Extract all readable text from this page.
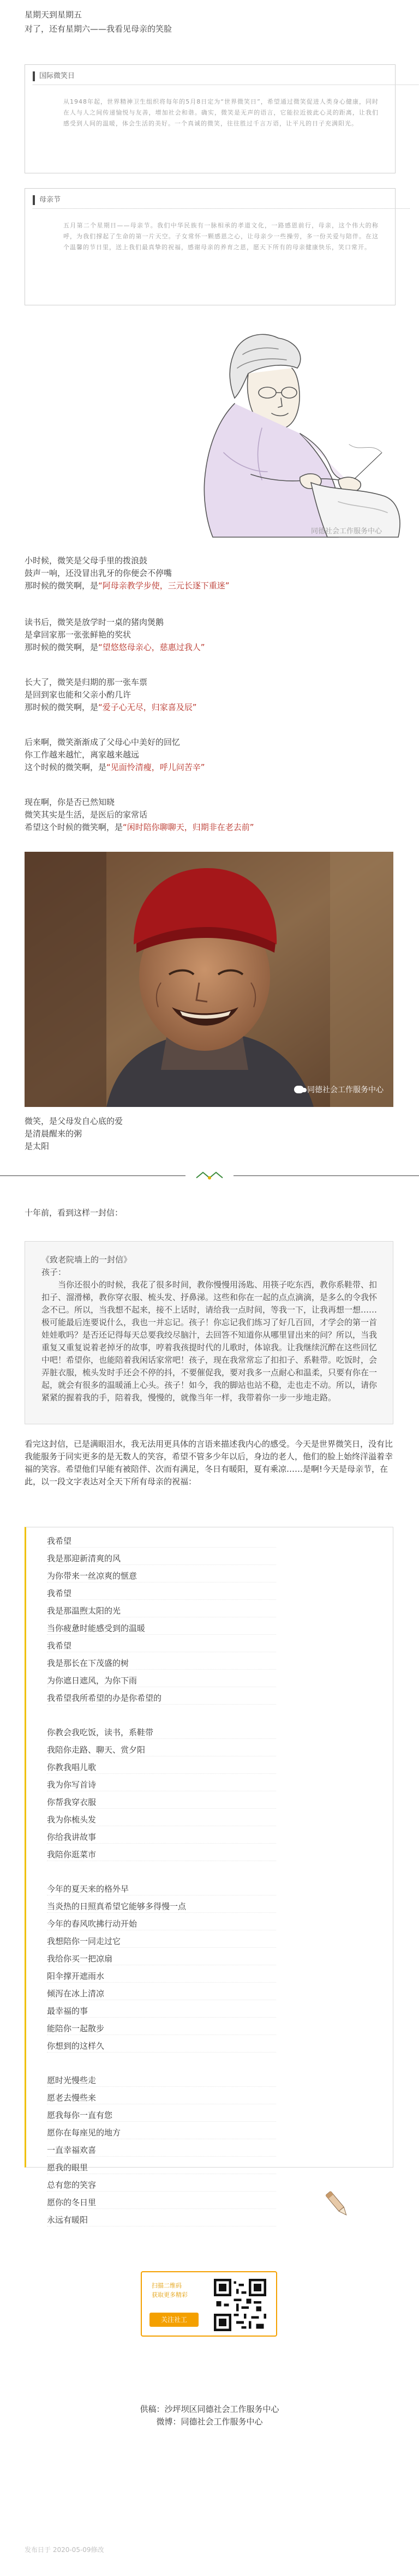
星期天到星期五
对了，还有星期六——我看见母亲的笑脸
国际微笑日
从1948年起，世界精神卫生组织将每年的5月8日定为“世界微笑日”，希望通过微笑促进人类身心健康，同时在人与人之间传递愉悦与友善，增加社会和谐。确实，微笑是无声的语言，它能拉近彼此心灵的距离，让我们感受到人间的温暖，体会生活的美好。一个真诚的微笑，往往胜过千言万语，让平凡的日子充满阳光。
母亲节
五月第二个星期日——母亲节。我们中华民族有一脉相承的孝道文化，一路感恩前行，母亲，这个伟大的称呼，为我们撑起了生命的第一片天空。子女常怀一颗感恩之心，让母亲少一些操劳，多一份关爱与陪伴。在这个温馨的节日里，送上我们最真挚的祝福，感谢母亲的养育之恩，愿天下所有的母亲健康快乐，笑口常开。
同德社会工作服务中心
小时候，微笑是父母手里的拨浪鼓
鼓声一响，还没冒出乳牙的你便会不停嘴
那时候的微笑啊，是“阿母亲教学步使，三元长逐下重迷”
读书后，微笑是放学时一桌的猪肉煲鹅
是拿回家那一张张鲜艳的奖状
那时候的微笑啊，是“望悠悠母亲心，慈惠过我人”
长大了，微笑是归期的那一张车票
是回到家也能和父亲小酌几许
那时候的微笑啊，是“爱子心无尽，归家喜及辰”
后来啊，微笑渐渐成了父母心中美好的回忆
你工作越来越忙，离家越来越远
这个时候的微笑啊，是“见面怜清瘦，呼儿问苦辛”
现在啊，你是否已然知晓
微笑其实是生活，是医后的家常话
希望这个时候的微笑啊，是“闲时陪你聊聊天，归期非在老去前”
同德社会工作服务中心
微笑，是父母发自心底的爱
是清晨醒来的粥
是太阳
十年前，看到这样一封信：
《致老院墙上的一封信》
孩子：
当你还很小的时候，我花了很多时间，教你慢慢用汤匙、用筷子吃东西，教你系鞋带、扣扣子、溜滑梯，教你穿衣服、梳头发、抒鼻涕。这些和你在一起的点点滴滴，是多么的令我怀念不已。所以，当我想不起来，接不上话时，请给我一点时间，等我一下，让我再想一想……极可能最后连要说什么，我也一并忘记。孩子！你忘记我们练习了好几百回，才学会的第一首娃娃歌吗？是否还记得每天总要我绞尽脑汁，去回答不知道你从哪里冒出来的问？所以，当我重复又重复说着老掉牙的故事，哼着我孩提时代的儿歌时，体谅我。让我继续沉醉在这些回忆中吧！希望你，也能陪着我闲话家常吧！孩子，现在我常常忘了扣扣子、系鞋带。吃饭时，会弄脏衣服，梳头发时手还会不停的抖，不要催促我，要对我多一点耐心和温柔，只要有你在一起，就会有很多的温暖涌上心头。孩子！如今，我的脚站也站不稳，走也走不动。所以，请你紧紧的握着我的手，陪着我，慢慢的，就像当年一样，我带着你一步一步地走路。
看完这封信，已是满眼泪水，我无法用更具体的言语来描述我内心的感受。今天是世界微笑日，没有比我能服务于同实更多的是无数人的笑容，希望不管多少年以后，身边的老人，他们的脸上始终洋溢着幸福的笑容。希望他们早能有被陪伴、次而有满足，冬日有暖阳，夏有乘凉……是啊!今天是母亲节，在此，以一段文字表达对全天下所有母亲的祝福：
我希望
我是那迎新清爽的风
为你带来一丝凉爽的惬意
我希望
我是那温煦太阳的光
当你疲惫时能感受到的温暖
我希望
我是那长在下茂盛的树
为你遮日遮风，为你下雨
我希望我所希望的办是你希望的
你教会我吃饭，读书，系鞋带
我陪你走路、聊天、赏夕阳
你教我唱儿歌
我为你写首诗
你帮我穿衣服
我为你梳头发
你给我讲故事
我陪你逛菜市
今年的夏天来的格外早
当炎热的日照真希望它能够多得慢一点
今年的春风吹拂行动开始
我想陪你一同走过它
我给你买一把凉扇
阳伞撑开遮雨水
倾泻在冰上清凉
最幸福的事
能陪你一起散步
你想到的这样久
愿时光慢些走
愿老去慢些来
愿我每你一直有您
愿你在每座见的地方
一直幸福欢喜
愿我的眼里
总有您的笑容
愿你的冬日里
永远有暖阳
扫描二维码
获取更多精彩
关注社工
供稿：沙坪坝区同德社会工作服务中心
微博：同德社会工作服务中心
发布日于 2020-05-09修改
